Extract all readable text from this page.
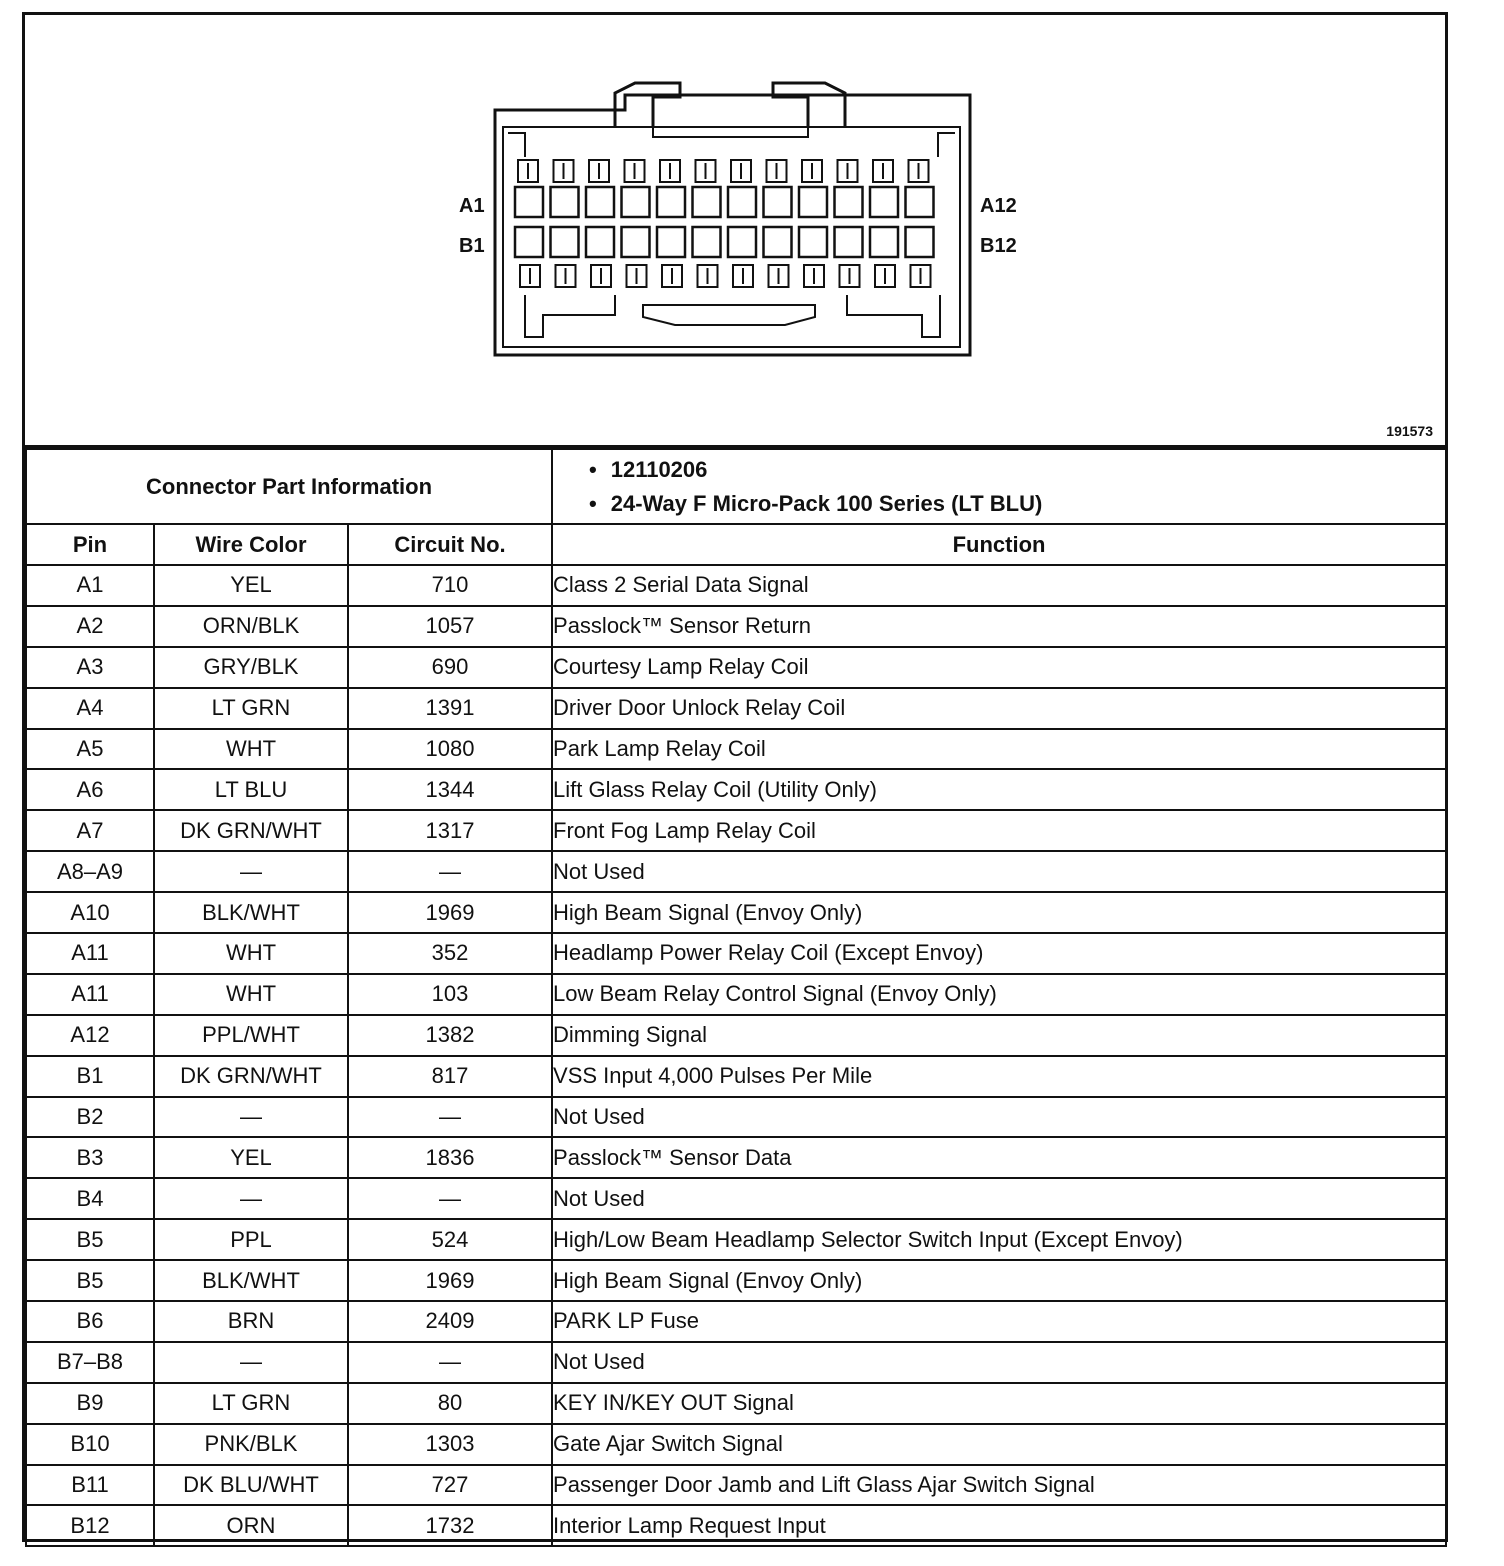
A1
B1
A12
B12
191573
Connector Part Information			• 12110206
• 24-Way F Micro-Pack 100 Series (LT BLU)

Pin	Wire Color	Circuit No.	Function
A1	YEL	710	Class 2 Serial Data Signal
A2	ORN/BLK	1057	Passlock™ Sensor Return
A3	GRY/BLK	690	Courtesy Lamp Relay Coil
A4	LT GRN	1391	Driver Door Unlock Relay Coil
A5	WHT	1080	Park Lamp Relay Coil
A6	LT BLU	1344	Lift Glass Relay Coil (Utility Only)
A7	DK GRN/WHT	1317	Front Fog Lamp Relay Coil
A8–A9	—	—	Not Used
A10	BLK/WHT	1969	High Beam Signal (Envoy Only)
A11	WHT	352	Headlamp Power Relay Coil (Except Envoy)
A11	WHT	103	Low Beam Relay Control Signal (Envoy Only)
A12	PPL/WHT	1382	Dimming Signal
B1	DK GRN/WHT	817	VSS Input 4,000 Pulses Per Mile
B2	—	—	Not Used
B3	YEL	1836	Passlock™ Sensor Data
B4	—	—	Not Used
B5	PPL	524	High/Low Beam Headlamp Selector Switch Input (Except Envoy)
B5	BLK/WHT	1969	High Beam Signal (Envoy Only)
B6	BRN	2409	PARK LP Fuse
B7–B8	—	—	Not Used
B9	LT GRN	80	KEY IN/KEY OUT Signal
B10	PNK/BLK	1303	Gate Ajar Switch Signal
B11	DK BLU/WHT	727	Passenger Door Jamb and Lift Glass Ajar Switch Signal
B12	ORN	1732	Interior Lamp Request Input
